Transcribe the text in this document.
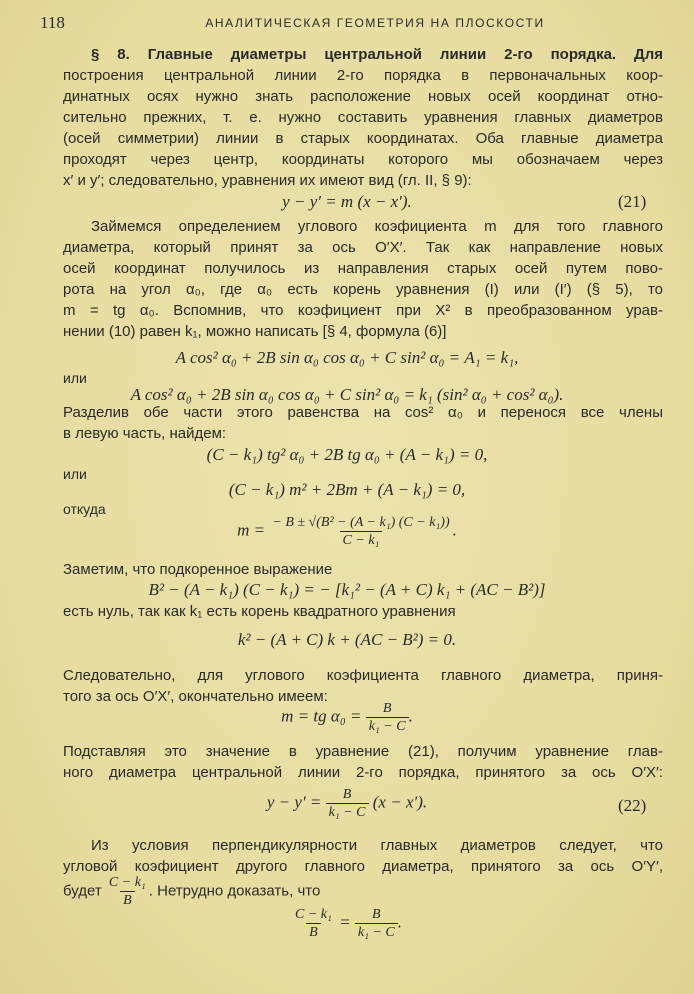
118	АНАЛИТИЧЕСКАЯ ГЕОМЕТРИЯ НА ПЛОСКОСТИ
§ 8. Главные диаметры центральной линии 2-го порядка. Для
построения центральной линии 2-го порядка в первоначальных коор-
динатных осях нужно знать расположение новых осей координат отно-
сительно прежних, т. е. нужно составить уравнения главных диаметров
(осей симметрии) линии в старых координатах. Оба главные диаметра
проходят через центр, координаты которого мы обозначаем через
x′ и y′; следовательно, уравнения их имеют вид (гл. II, § 9):
y − y′ = m (x − x′).	(21)
Займемся определением углового коэфициента m для того главного
диаметра, который принят за ось O′X′. Так как направление новых
осей координат получилось из направления старых осей путем пово-
рота на угол α₀, где α₀ есть корень уравнения (I) или (I′) (§ 5), то
m = tg α₀. Вспомнив, что коэфициент при X² в преобразованном урав-
нении (10) равен k₁, можно написать [§ 4, формула (6)]
A cos² α₀ + 2B sin α₀ cos α₀ + C sin² α₀ = A₁ = k₁,
или
A cos² α₀ + 2B sin α₀ cos α₀ + C sin² α₀ = k₁ (sin² α₀ + cos² α₀).
Разделив обе части этого равенства на cos² α₀ и перенося все члены
в левую часть, найдем:
(C − k₁) tg² α₀ + 2B tg α₀ + (A − k₁) = 0,
или
(C − k₁) m² + 2Bm + (A − k₁) = 0,
откуда
$m = \frac{\text{− B ± √(B² − (A − k₁) (C − k₁))}}{\text{C − k₁}}$ .
Заметим, что подкоренное выражение
B² − (A − k₁) (C − k₁) = − [k₁² − (A + C) k₁ + (AC − B²)]
есть нуль, так как k₁ есть корень квадратного уравнения
k² − (A + C) k + (AC − B²) = 0.
Следовательно, для углового коэфициента главного диаметра, приня-
того за ось O′X′, окончательно имеем:
m = tg $\alpha_0 = \frac{B}{\text{k₁ − C}}$ .
Подставляя это значение в уравнение (21), получим уравнение глав-
ного диаметра центральной линии 2-го порядка, принятого за ось O′X′:
$y - y' = \frac{B}{\text{k₁ − C}} (x - x')$.	(22)
Из условия перпендикулярности главных диаметров следует, что
угловой коэфициент другого главного диаметра, принятого за ось O′Y′,
будет $\frac{\text{C − k₁}}{B}$ . Нетрудно доказать, что
$\frac{\text{C − k₁}}{B} = \frac{B}{\text{k₁ − C}}$ .
